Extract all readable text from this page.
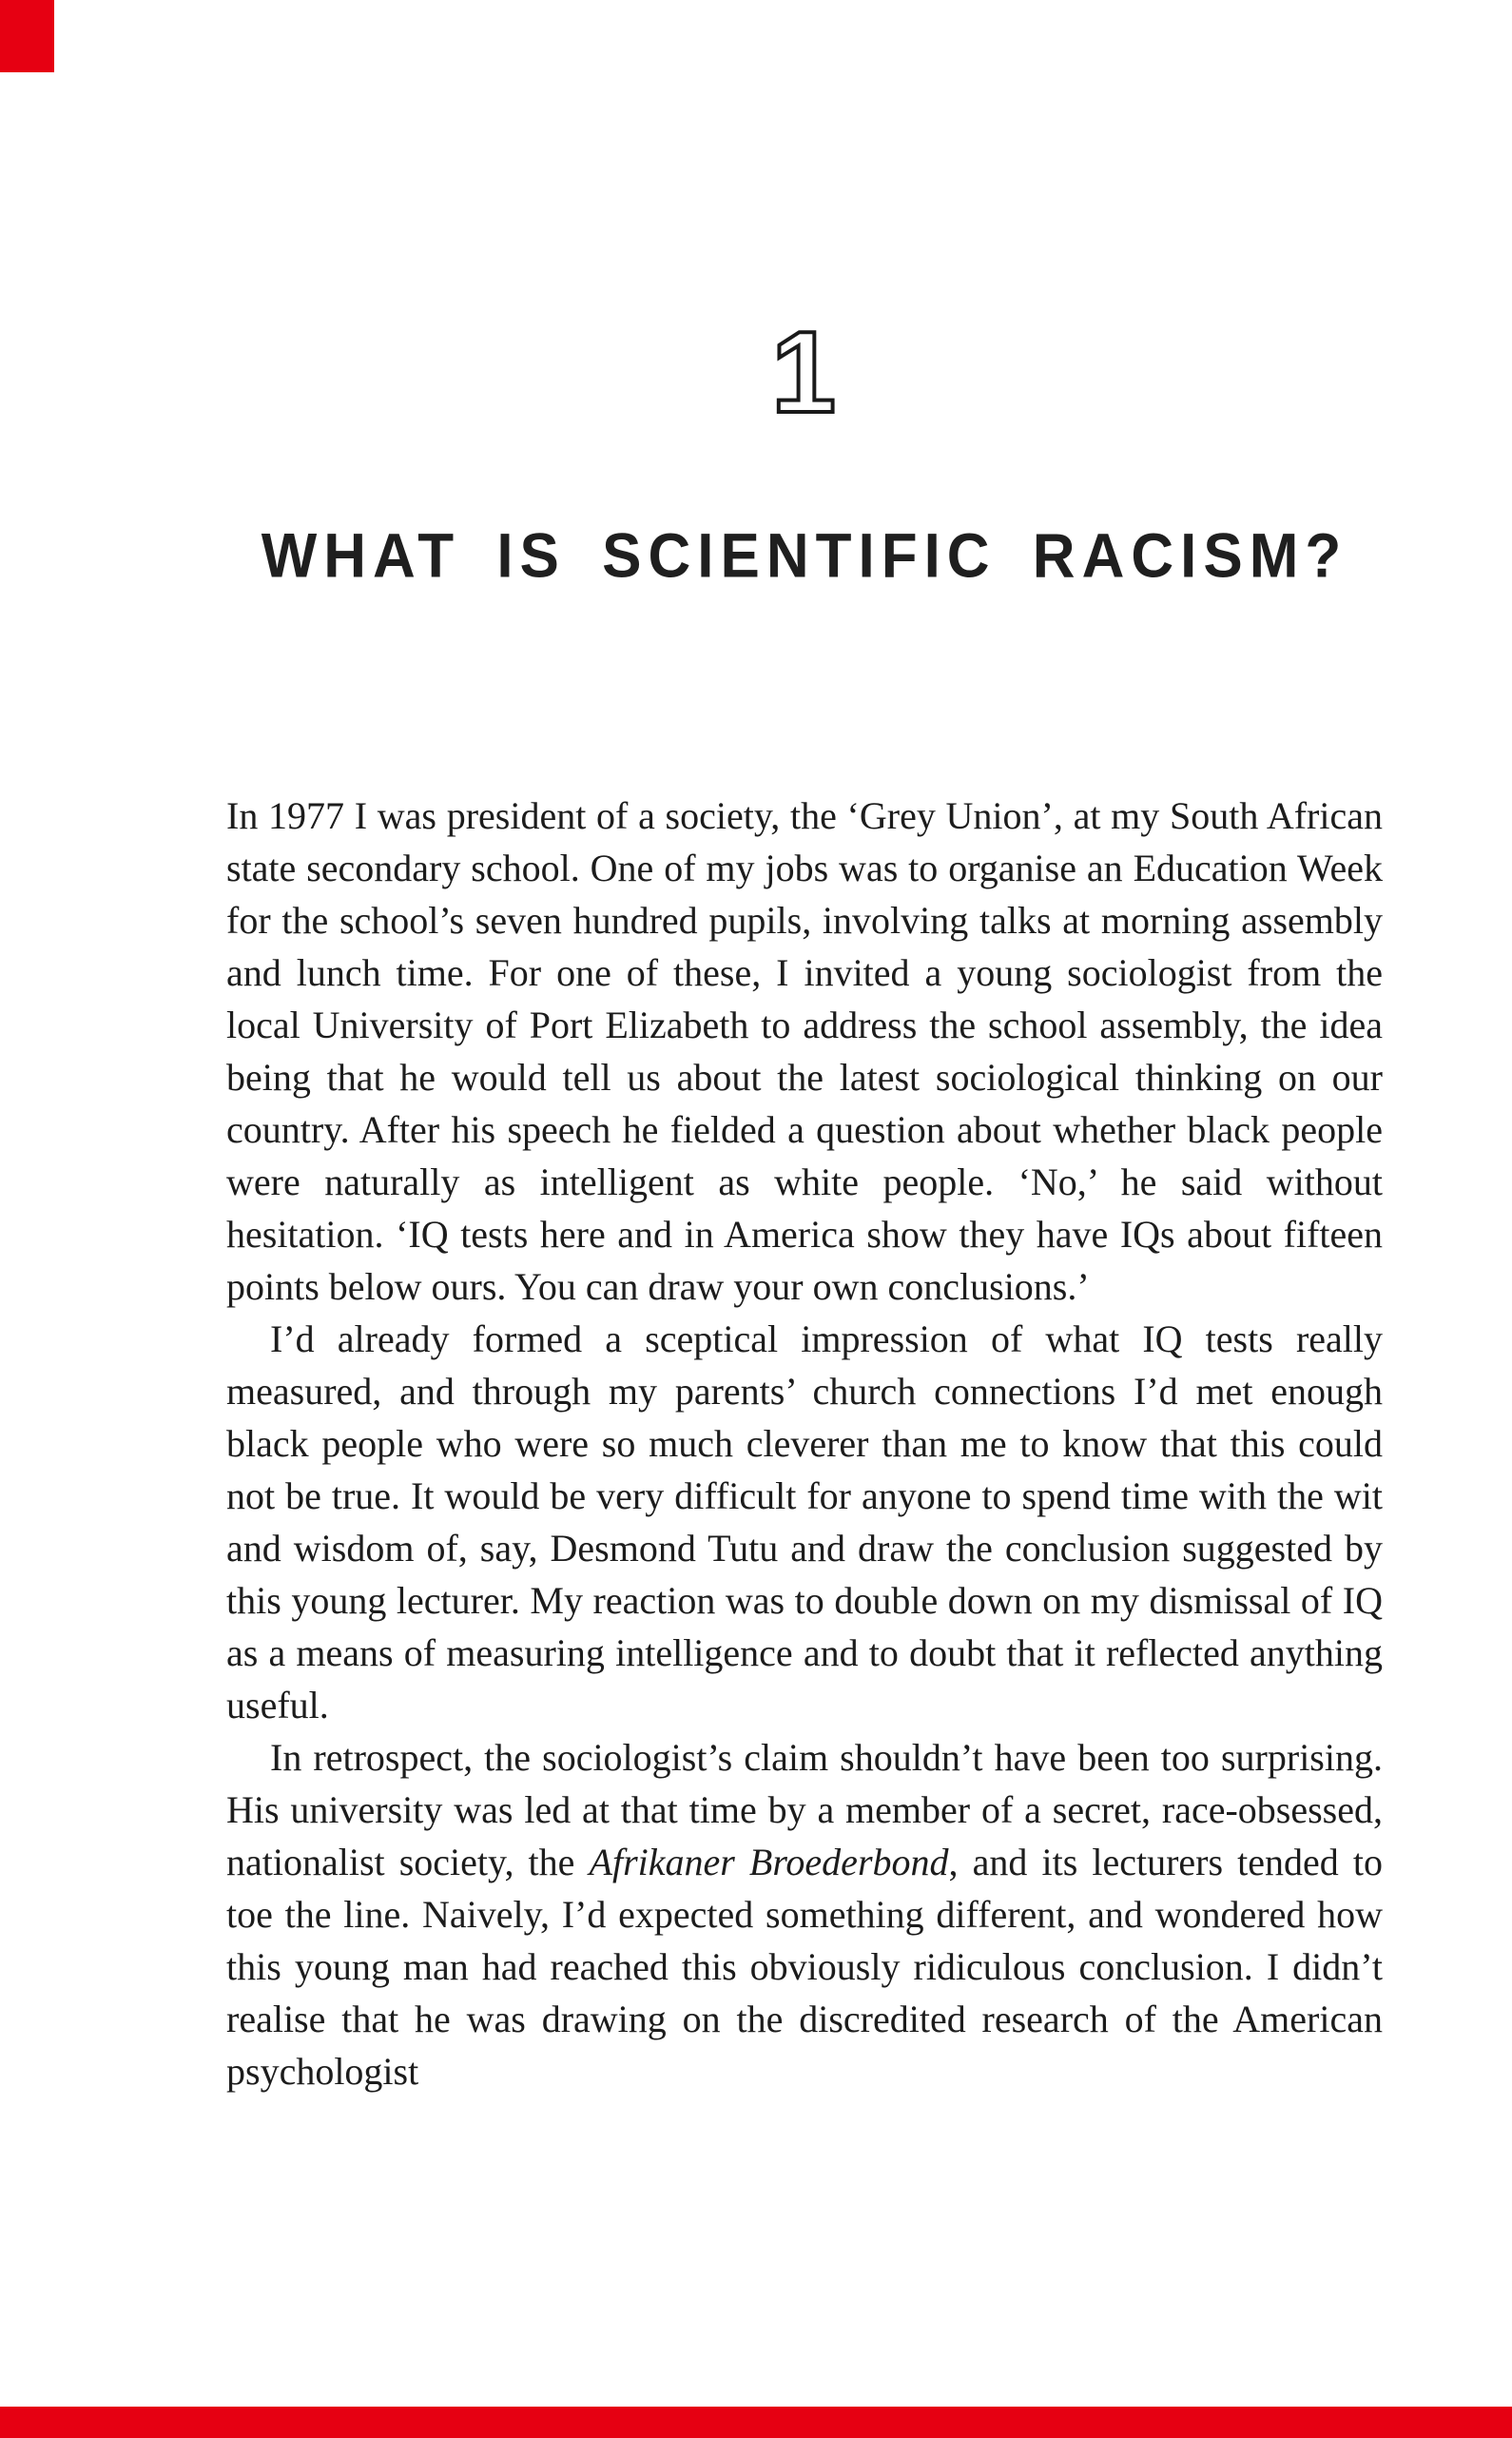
1
WHAT IS SCIENTIFIC RACISM?

In 1977 I was president of a society, the ‘Grey Union’, at my South African state secondary school. One of my jobs was to organise an Education Week for the school’s seven hundred pupils, involving talks at morning assembly and lunch time. For one of these, I invited a young sociologist from the local University of Port Elizabeth to address the school assembly, the idea being that he would tell us about the latest sociological thinking on our country. After his speech he fielded a question about whether black people were naturally as intelligent as white people. ‘No,’ he said without hesitation. ‘IQ tests here and in America show they have IQs about fifteen points below ours. You can draw your own conclusions.’

I’d already formed a sceptical impression of what IQ tests really measured, and through my parents’ church connections I’d met enough black people who were so much cleverer than me to know that this could not be true. It would be very difficult for anyone to spend time with the wit and wisdom of, say, Desmond Tutu and draw the conclusion suggested by this young lecturer. My reaction was to double down on my dismissal of IQ as a means of measuring intelligence and to doubt that it reflected anything useful.

In retrospect, the sociologist’s claim shouldn’t have been too surprising. His university was led at that time by a member of a secret, race-obsessed, nationalist society, the Afrikaner Broederbond, and its lecturers tended to toe the line. Naively, I’d expected something different, and wondered how this young man had reached this obviously ridiculous conclusion. I didn’t realise that he was drawing on the discredited research of the American psychologist
